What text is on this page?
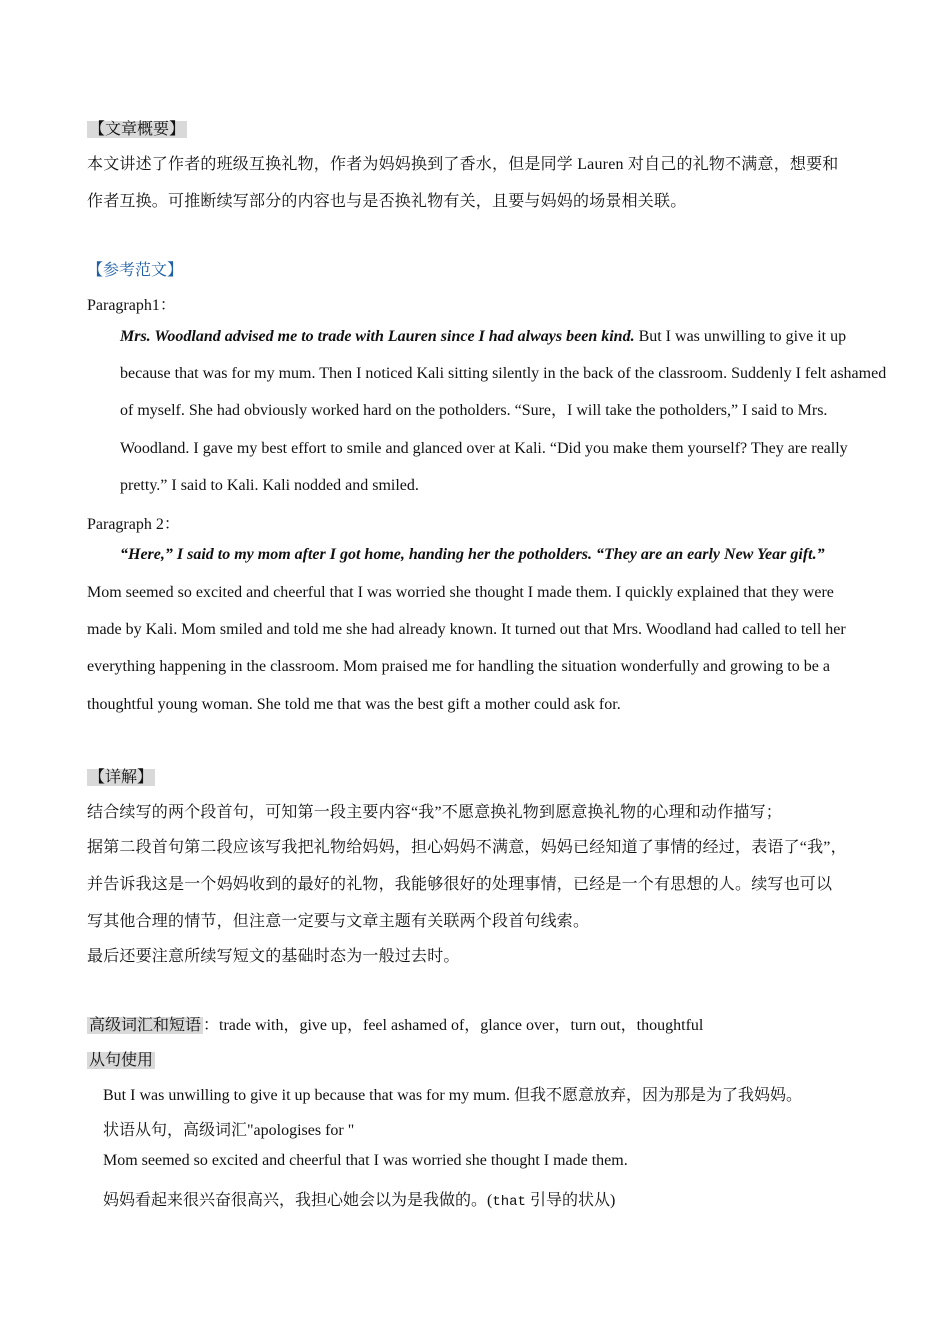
【文章概要】
本文讲述了作者的班级互换礼物，作者为妈妈换到了香水，但是同学 Lauren 对自己的礼物不满意，想要和
作者互换。可推断续写部分的内容也与是否换礼物有关，且要与妈妈的场景相关联。
【参考范文】
Paragraph1：
Mrs. Woodland advised me to trade with Lauren since I had always been kind. But I was unwilling to give it up because that was for my mum. Then I noticed Kali sitting silently in the back of the classroom. Suddenly I felt ashamed of myself. She had obviously worked hard on the potholders. “Sure，I will take the potholders,” I said to Mrs. Woodland. I gave my best effort to smile and glanced over at Kali. “Did you make them yourself? They are really pretty.” I said to Kali. Kali nodded and smiled.
Paragraph 2：
“Here,” I said to my mom after I got home, handing her the potholders. “They are an early New Year gift.”
Mom seemed so excited and cheerful that I was worried she thought I made them. I quickly explained that they were made by Kali. Mom smiled and told me she had already known. It turned out that Mrs. Woodland had called to tell her everything happening in the classroom. Mom praised me for handling the situation wonderfully and growing to be a thoughtful young woman. She told me that was the best gift a mother could ask for.
【详解】
结合续写的两个段首句，可知第一段主要内容“我”不愿意换礼物到愿意换礼物的心理和动作描写；
据第二段首句第二段应该写我把礼物给妈妈，担心妈妈不满意，妈妈已经知道了事情的经过，表语了“我”，
并告诉我这是一个妈妈收到的最好的礼物，我能够很好的处理事情，已经是一个有思想的人。续写也可以
写其他合理的情节，但注意一定要与文章主题有关联两个段首句线索。
最后还要注意所续写短文的基础时态为一般过去时。
高级词汇和短语 ：trade with，give up，feel ashamed of，glance over，turn out，thoughtful
从句使用
But I was unwilling to give it up because that was for my mum. 但我不愿意放弃，因为那是为了我妈妈。
状语从句，高级词汇"apologises for "
Mom seemed so excited and cheerful that I was worried she thought I made them.
妈妈看起来很兴奋很高兴，我担心她会以为是我做的。(that 引导的状从)
